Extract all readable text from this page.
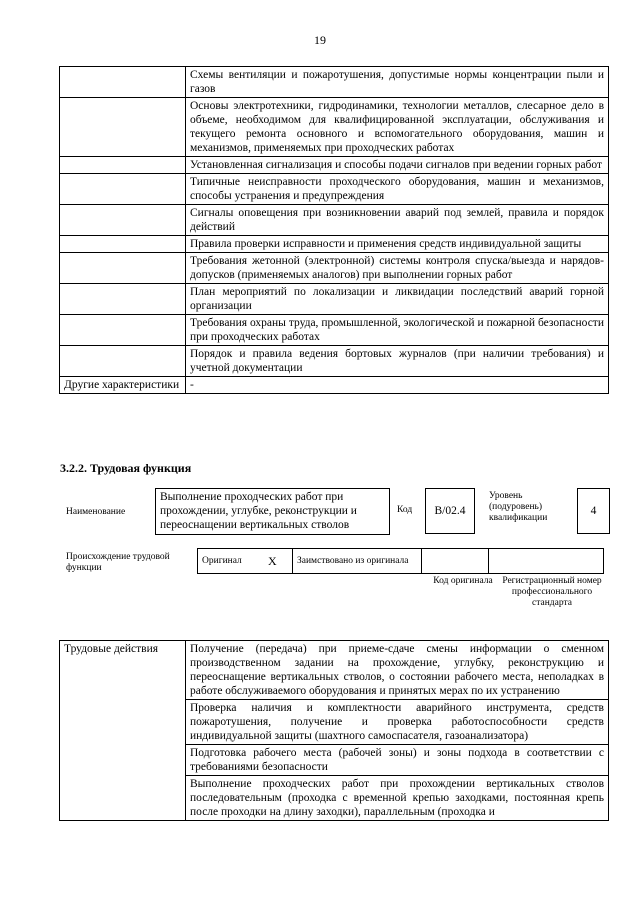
19
	Схемы вентиляции и пожаротушения, допустимые нормы концентрации пыли и газов
	Основы электротехники, гидродинамики, технологии металлов, слесарное дело в объеме, необходимом для квалифицированной эксплуатации, обслуживания и текущего ремонта основного и вспомогательного оборудования, машин и механизмов, применяемых при проходческих работах
	Установленная сигнализация и способы подачи сигналов при ведении горных работ
	Типичные неисправности проходческого оборудования, машин и механизмов, способы устранения и предупреждения
	Сигналы оповещения при возникновении аварий под землей, правила и порядок действий
	Правила проверки исправности и применения средств индивидуальной защиты
	Требования жетонной (электронной) системы контроля спуска/выезда и нарядов-допусков (применяемых аналогов) при выполнении горных работ
	План мероприятий по локализации и ликвидации последствий аварий горной организации
	Требования охраны труда, промышленной, экологической и пожарной безопасности при проходческих работах
	Порядок и правила ведения бортовых журналов (при наличии требования) и учетной документации
Другие характеристики	-
3.2.2. Трудовая функция
Наименование
Выполнение проходческих работ при прохождении, углубке, реконструкции и переоснащении вертикальных стволов
Код	В/02.4
Уровень (подуровень) квалификации
4
Происхождение трудовой функции
Оригинал	X	Заимствовано из оригинала		
Код оригинала Регистрационный номер профессионального стандарта
Трудовые действия	Получение (передача) при приеме-сдаче смены информации о сменном производственном задании на прохождение, углубку, реконструкцию и переоснащение вертикальных стволов, о состоянии рабочего места, неполадках в работе обслуживаемого оборудования и принятых мерах по их устранению
Проверка наличия и комплектности аварийного инструмента, средств пожаротушения, получение и проверка работоспособности средств индивидуальной защиты (шахтного самоспасателя, газоанализатора)
Подготовка рабочего места (рабочей зоны) и зоны подхода в соответствии с требованиями безопасности
Выполнение проходческих работ при прохождении вертикальных стволов последовательным (проходка с временной крепью заходками, постоянная крепь после проходки на длину заходки), параллельным (проходка и
